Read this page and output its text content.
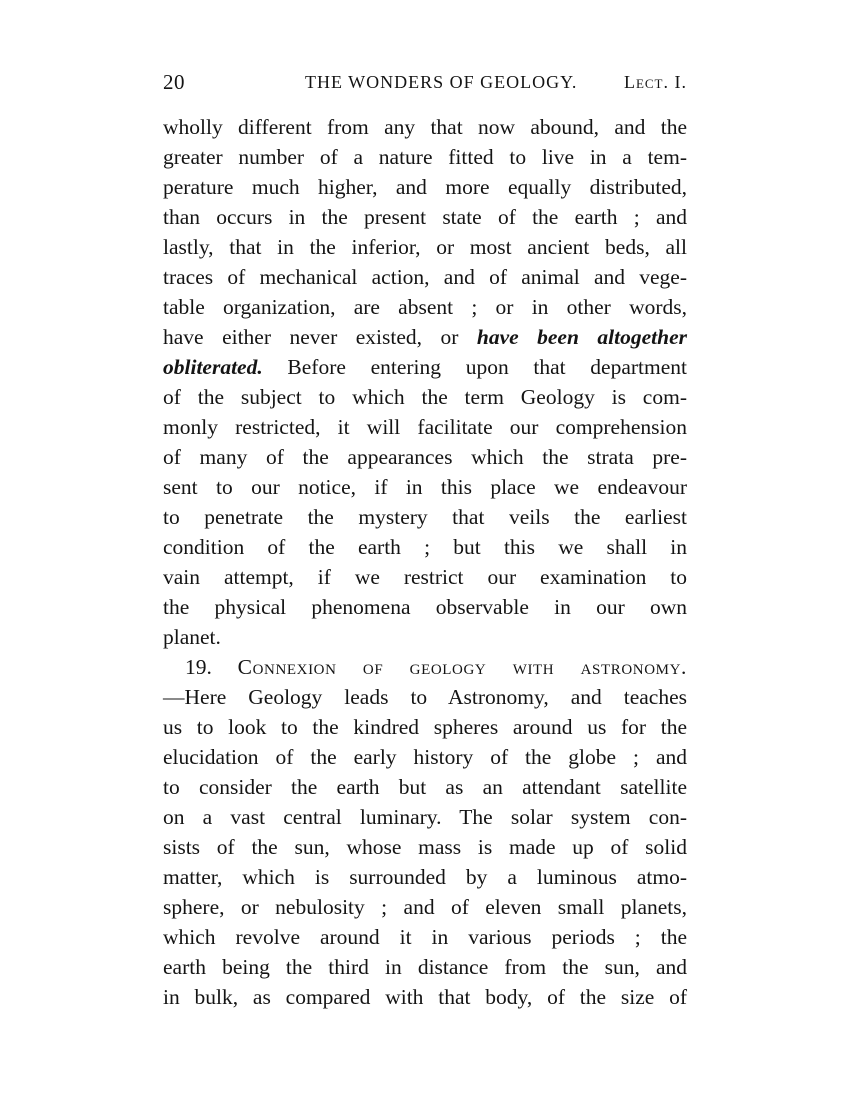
20	THE WONDERS OF GEOLOGY.	Lect. I.
wholly different from any that now abound, and the
greater number of a nature fitted to live in a tem-
perature much higher, and more equally distributed,
than occurs in the present state of the earth ; and
lastly, that in the inferior, or most ancient beds, all
traces of mechanical action, and of animal and vege-
table organization, are absent ; or in other words,
have either never existed, or have been altogether
obliterated. Before entering upon that department
of the subject to which the term Geology is com-
monly restricted, it will facilitate our comprehension
of many of the appearances which the strata pre-
sent to our notice, if in this place we endeavour
to penetrate the mystery that veils the earliest
condition of the earth ; but this we shall in
vain attempt, if we restrict our examination to
the physical phenomena observable in our own
planet.
19. Connexion of geology with astronomy.
—Here Geology leads to Astronomy, and teaches
us to look to the kindred spheres around us for the
elucidation of the early history of the globe ; and
to consider the earth but as an attendant satellite
on a vast central luminary. The solar system con-
sists of the sun, whose mass is made up of solid
matter, which is surrounded by a luminous atmo-
sphere, or nebulosity ; and of eleven small planets,
which revolve around it in various periods ; the
earth being the third in distance from the sun, and
in bulk, as compared with that body, of the size of
